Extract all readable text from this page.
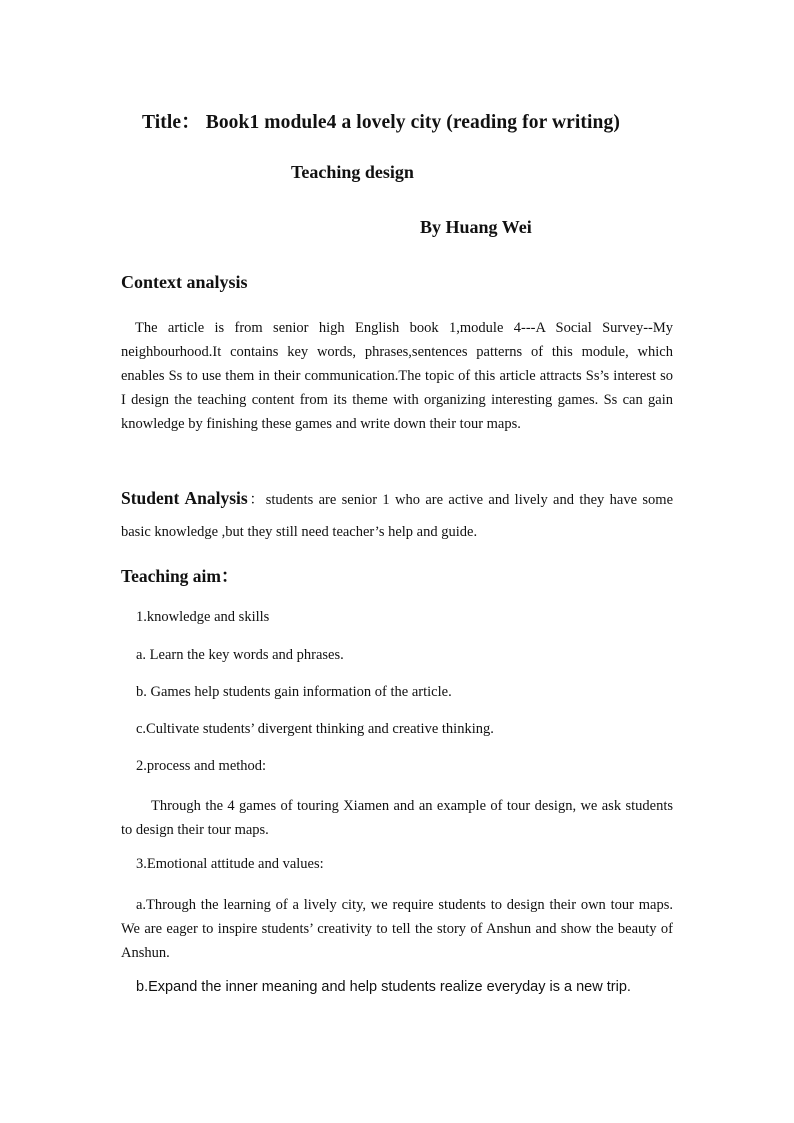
Title： Book1 module4 a lovely city (reading for writing)
Teaching design
By Huang Wei
Context analysis
The article is from senior high English book 1,module 4---A Social Survey--My neighbourhood.It contains key words, phrases,sentences patterns of this module, which enables Ss to use them in their communication.The topic of this article attracts Ss’s interest so I design the teaching content from its theme with organizing interesting games. Ss can gain knowledge by finishing these games and write down their tour maps.
Student Analysis：students are senior 1 who are active and lively and they have some basic knowledge ,but they still need teacher’s help and guide.
Teaching aim：
1.knowledge and skills
a. Learn the key words and phrases.
b. Games help students gain information of the article.
c.Cultivate students’ divergent thinking and creative thinking.
2.process and method:
Through the 4 games of touring Xiamen and an example of tour design, we ask students to design their tour maps.
3.Emotional attitude and values:
a.Through the learning of a lively city, we require students to design their own tour maps. We are eager to inspire students’ creativity to tell the story of Anshun and show the beauty of Anshun.
b.Expand the inner meaning and help students realize everyday is a new trip.
